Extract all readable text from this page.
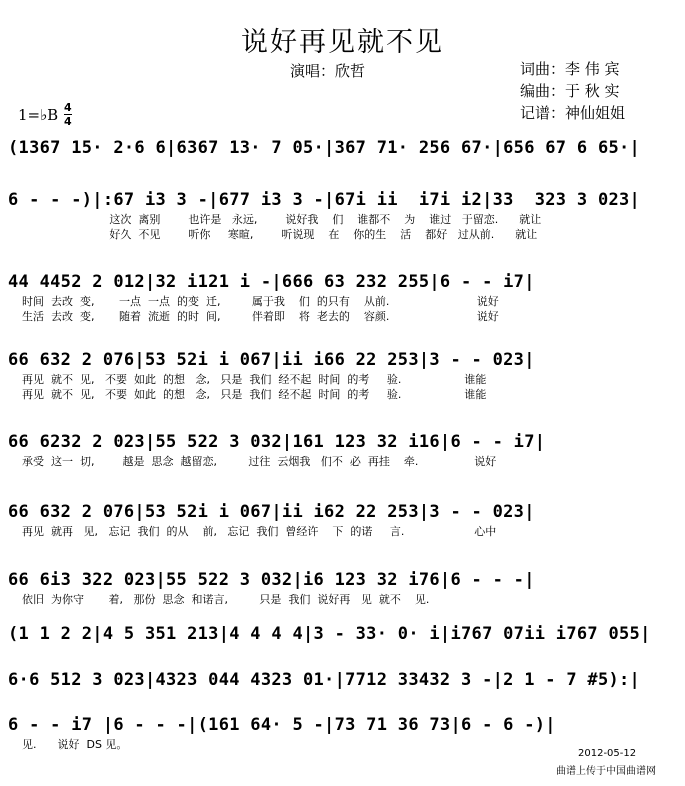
说好再见就不见
演唱：欣哲	词曲：李 伟 宾
编曲：于 秋 实
记谱：神仙姐姐
1=♭B 4
4
(1367 15· 2·6 6|6367 13· 7 05·|367 71· 256 67·|656 67 6 65·|
6 - - -)|:67 i3 3 -|677 i3 3 -|67i ii  i7i i2|33  323 3 023|
这次  离别        也许是   永远,        说好我    们    谁都不    为    谁过   于留恋.      就让
好久  不见        听你     寒暄,        听说现    在    你的生    活    都好   过从前.      就让
44 4452 2 012|32 i121 i -|666 63 232 255|6 - - i7|
时间  去改  变,       一点  一点  的变  迁,         属于我    们  的只有    从前.                         说好
生活  去改  变,       随着  流逝  的时  间,         伴着即    将  老去的    容颜.                         说好
66 632 2 076|53 52i i 067|ii i66 22 253|3 - - 023|
再见  就不  见,   不要  如此  的想   念,   只是  我们  经不起  时间  的考     验.                  谁能
再见  就不  见,   不要  如此  的想   念,   只是  我们  经不起  时间  的考     验.                  谁能
66 6232 2 023|55 522 3 032|161 123 32 i16|6 - - i7|
承受  这一  切,        越是  思念  越留恋,         过往  云烟我   们不  必  再挂    牵.                说好
66 632 2 076|53 52i i 067|ii i62 22 253|3 - - 023|
再见  就再   见,   忘记  我们  的从    前,   忘记  我们  曾经许    下  的诺     言.                    心中
66 6i3 322 023|55 522 3 032|i6 123 32 i76|6 - - -|
依旧  为你守       着,   那份  思念  和诺言,         只是  我们  说好再   见  就不    见.
(1 1 2 2|4 5 351 213|4 4 4 4|3 - 33· 0· i|i767 07ii i767 055|
6·6 512 3 023|4323 044 4323 01·|7712 33432 3 -|2 1 - 7 #5):|
6 - - i7 |6 - - -|(161 64· 5 -|73 71 36 73|6 - 6 -)|
见.      说好  DS 见。
2012-05-12
曲谱上传于中国曲谱网
